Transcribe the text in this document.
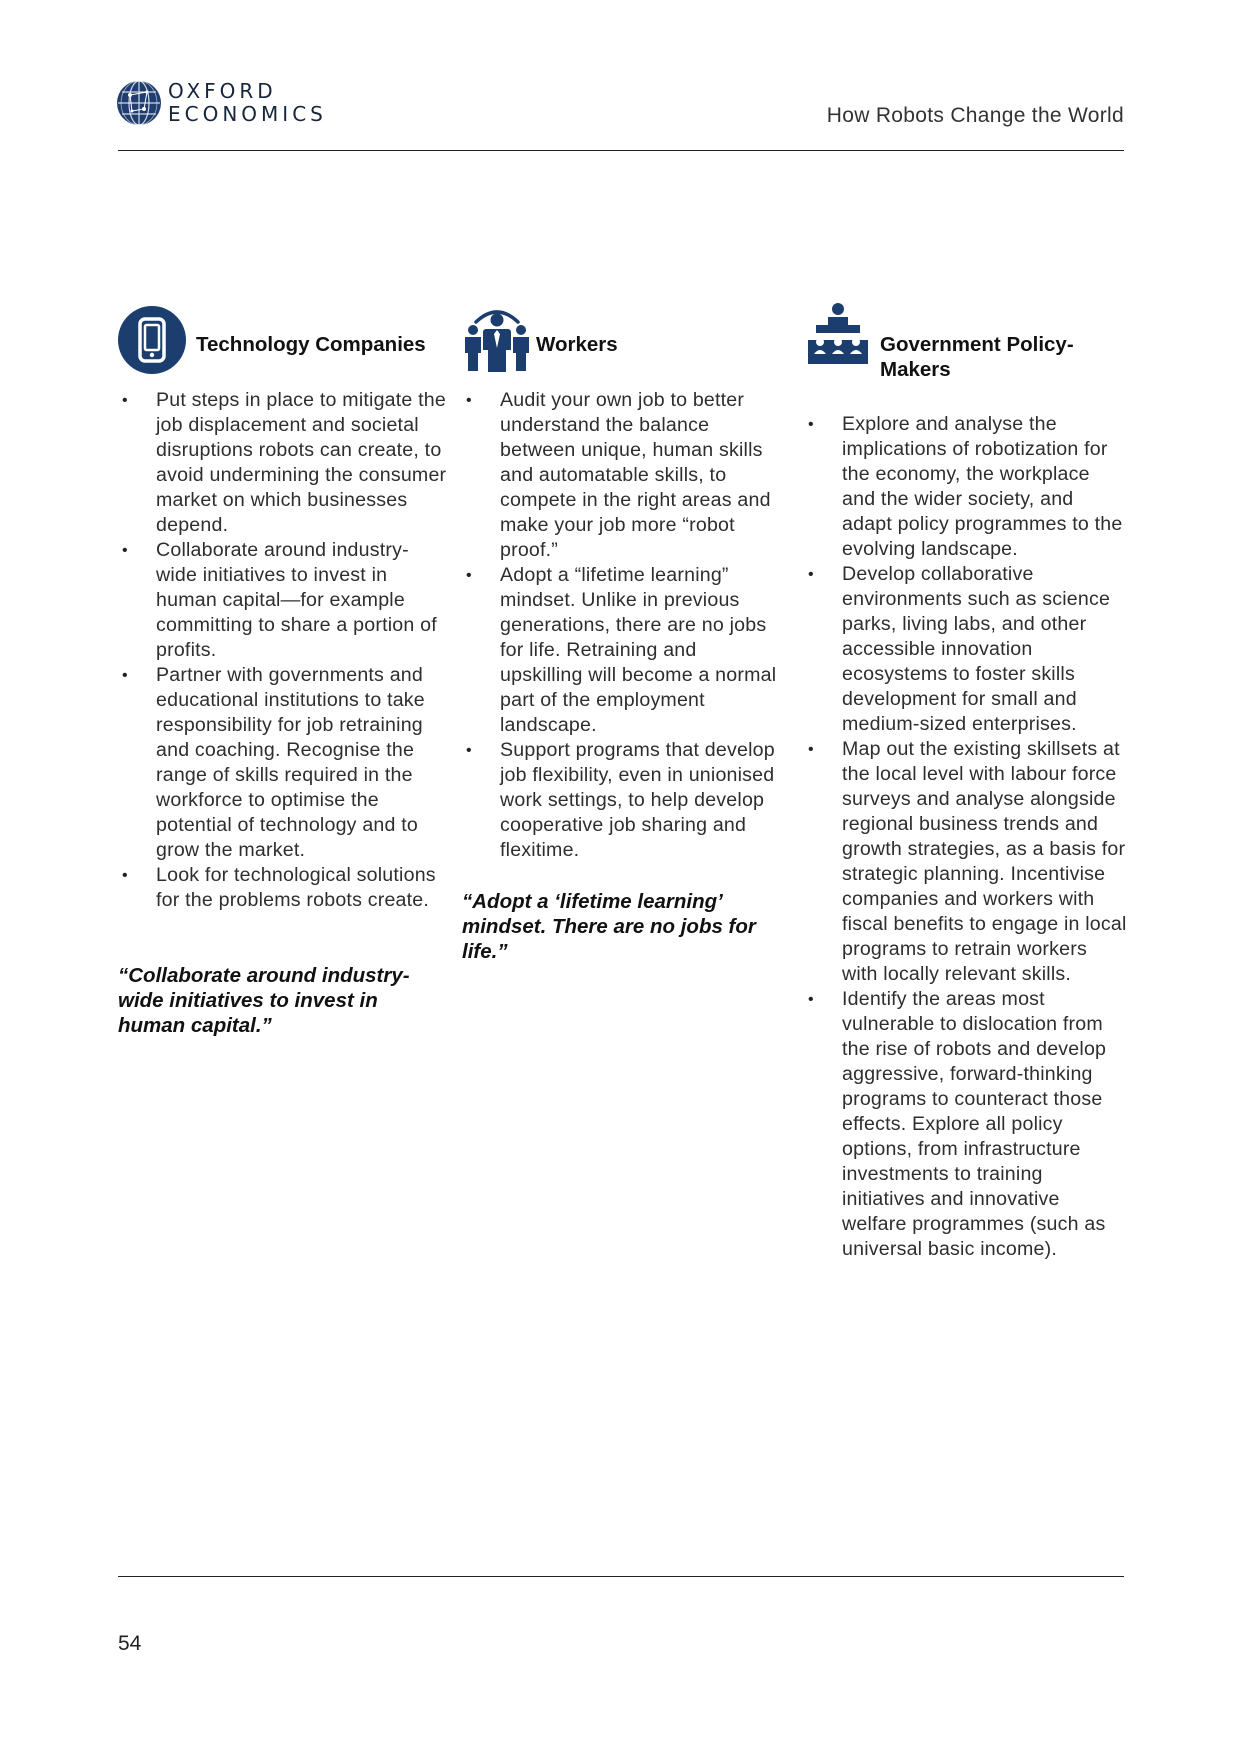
OXFORD
ECONOMICS	How Robots Change the World
Technology Companies
• Put steps in place to mitigate the job displacement and societal disruptions robots can create, to avoid undermining the consumer market on which businesses depend.
• Collaborate around industry-wide initiatives to invest in human capital—for example committing to share a portion of profits.
• Partner with governments and educational institutions to take responsibility for job retraining and coaching. Recognise the range of skills required in the workforce to optimise the potential of technology and to grow the market.
• Look for technological solutions for the problems robots create.

“Collaborate around industry-wide initiatives to invest in human capital.”

Workers
• Audit your own job to better understand the balance between unique, human skills and automatable skills, to compete in the right areas and make your job more “robot proof.”
• Adopt a “lifetime learning” mindset. Unlike in previous generations, there are no jobs for life. Retraining and upskilling will become a normal part of the employment landscape.
• Support programs that develop job flexibility, even in unionised work settings, to help develop cooperative job sharing and flexitime.

“Adopt a ‘lifetime learning’ mindset. There are no jobs for life.”

Government Policy-Makers
• Explore and analyse the implications of robotization for the economy, the workplace and the wider society, and adapt policy programmes to the evolving landscape.
• Develop collaborative environments such as science parks, living labs, and other accessible innovation ecosystems to foster skills development for small and medium-sized enterprises.
• Map out the existing skillsets at the local level with labour force surveys and analyse alongside regional business trends and growth strategies, as a basis for strategic planning. Incentivise companies and workers with fiscal benefits to engage in local programs to retrain workers with locally relevant skills.
• Identify the areas most vulnerable to dislocation from the rise of robots and develop aggressive, forward-thinking programs to counteract those effects. Explore all policy options, from infrastructure investments to training initiatives and innovative welfare programmes (such as universal basic income).
54
